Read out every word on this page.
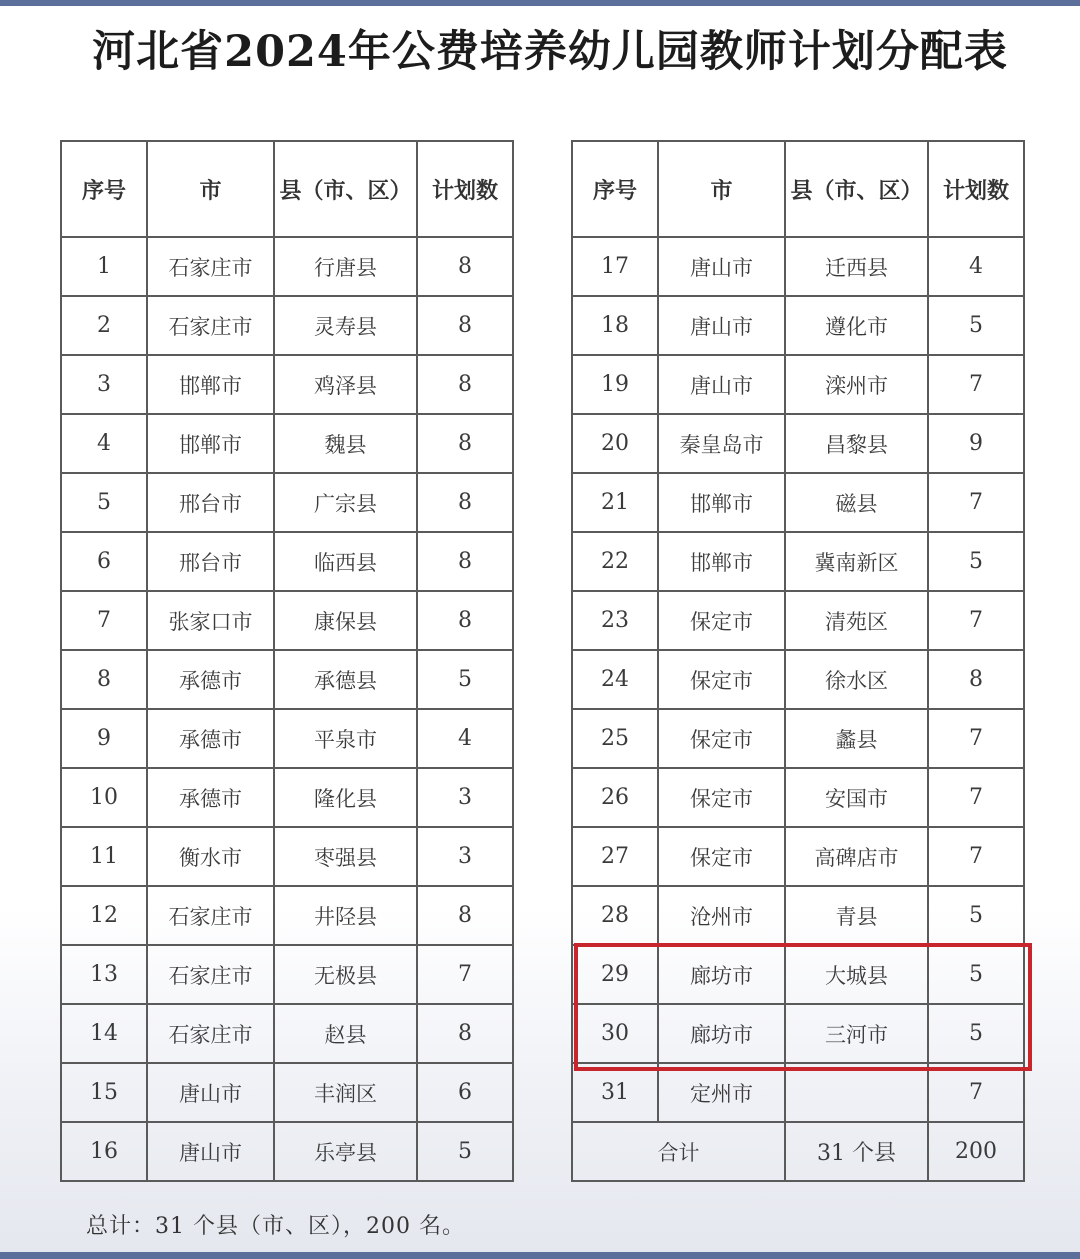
河北省2024年公费培养幼儿园教师计划分配表
序号	市	县（市、区）	计划数
1	石家庄市	行唐县	8
2	石家庄市	灵寿县	8
3	邯郸市	鸡泽县	8
4	邯郸市	魏县	8
5	邢台市	广宗县	8
6	邢台市	临西县	8
7	张家口市	康保县	8
8	承德市	承德县	5
9	承德市	平泉市	4
10	承德市	隆化县	3
11	衡水市	枣强县	3
12	石家庄市	井陉县	8
13	石家庄市	无极县	7
14	石家庄市	赵县	8
15	唐山市	丰润区	6
16	唐山市	乐亭县	5
序号	市	县（市、区）	计划数
17	唐山市	迁西县	4
18	唐山市	遵化市	5
19	唐山市	滦州市	7
20	秦皇岛市	昌黎县	9
21	邯郸市	磁县	7
22	邯郸市	冀南新区	5
23	保定市	清苑区	7
24	保定市	徐水区	8
25	保定市	蠡县	7
26	保定市	安国市	7
27	保定市	高碑店市	7
28	沧州市	青县	5
29	廊坊市	大城县	5
30	廊坊市	三河市	5
31	定州市		7
合计		31 个县	200
总计：31 个县（市、区），200 名。
